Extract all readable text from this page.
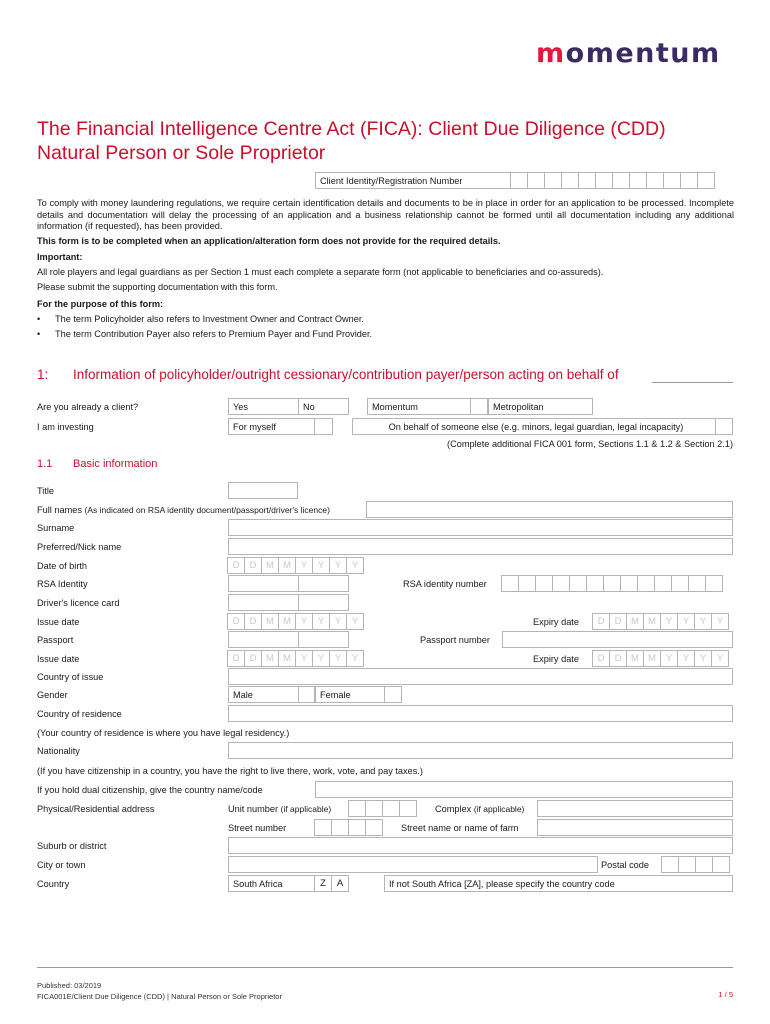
momentum
The Financial Intelligence Centre Act (FICA): Client Due Diligence (CDD)
Natural Person or Sole Proprietor
Client Identity/Registration Number
To comply with money laundering regulations, we require certain identification details and documents to be in place in order for an application to be processed. Incomplete details and documentation will delay the processing of an application and a business relationship cannot be formed until all documentation including any additional information (if requested), has been provided.
This form is to be completed when an application/alteration form does not provide for the required details.
Important:
All role players and legal guardians as per Section 1 must each complete a separate form (not applicable to beneficiaries and co-assureds).
Please submit the supporting documentation with this form.
For the purpose of this form:
• The term Policyholder also refers to Investment Owner and Contract Owner.
• The term Contribution Payer also refers to Premium Payer and Fund Provider.
1: Information of policyholder/outright cessionary/contribution payer/person acting on behalf of
Are you already a client?	Yes	No	Momentum	Metropolitan
I am investing	For myself	On behalf of someone else (e.g. minors, legal guardian, legal incapacity)
(Complete additional FICA 001 form, Sections 1.1 & 1.2 & Section 2.1)
1.1 Basic information
Title
Full names (As indicated on RSA identity document/passport/driver's licence)
Surname
Preferred/Nick name
Date of birth	D	D	M M	Y	Y	Y	Y
RSA Identity	RSA identity number
Driver's licence card
Issue date	D	D	M M	Y	Y	Y	Y	Expiry date	D	D	M M	Y	Y	Y	Y
Passport	Passport number
Issue date	D	D	M M	Y	Y	Y	Y	Expiry date	D	D	M M	Y	Y	Y	Y
Country of issue
Gender	Male	Female
Country of residence
(Your country of residence is where you have legal residency.)
Nationality
(If you have citizenship in a country, you have the right to live there, work, vote, and pay taxes.)
If you hold dual citizenship, give the country name/code
Physical/Residential address	Unit number (if applicable)	Complex (if applicable)
Street number	Street name or name of farm
Suburb or district
City or town	Postal code
Country	South Africa	Z	A	If not South Africa [ZA], please specify the country code
Published: 03/2019
FICA001E/Client Due Diligence (CDD) | Natural Person or Sole Proprietor	1 / 5
